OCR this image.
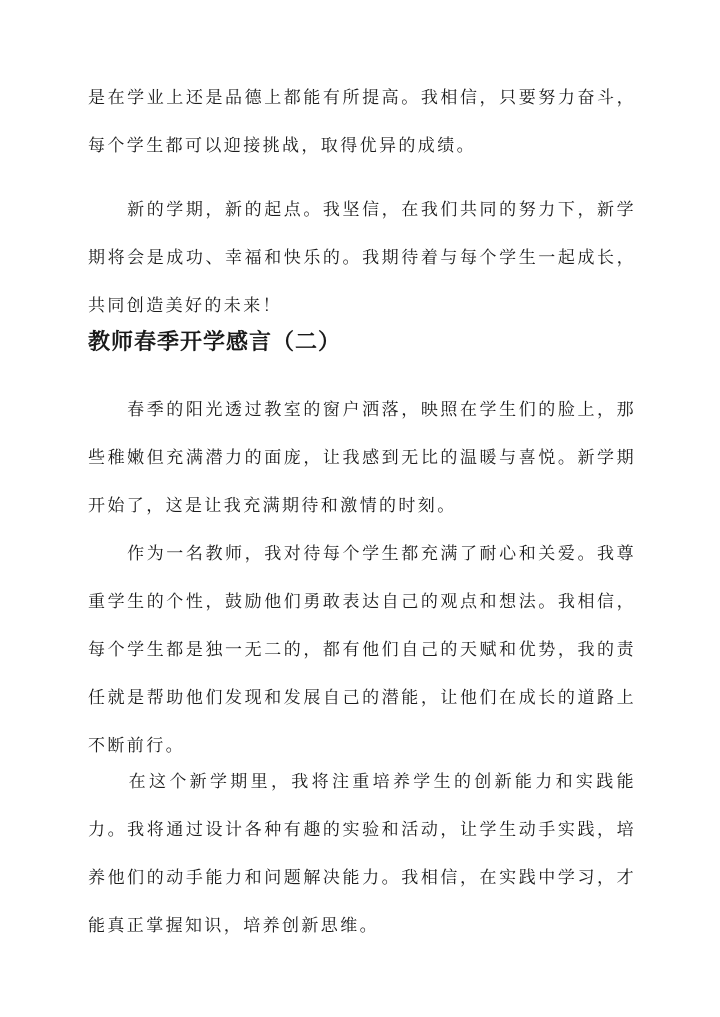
是在学业上还是品德上都能有所提高。我相信，只要努力奋斗，每个学生都可以迎接挑战，取得优异的成绩。

　　新的学期，新的起点。我坚信，在我们共同的努力下，新学期将会是成功、幸福和快乐的。我期待着与每个学生一起成长，共同创造美好的未来！

教师春季开学感言（二）

　　春季的阳光透过教室的窗户洒落，映照在学生们的脸上，那些稚嫩但充满潜力的面庞，让我感到无比的温暖与喜悦。新学期开始了，这是让我充满期待和激情的时刻。

　　作为一名教师，我对待每个学生都充满了耐心和关爱。我尊重学生的个性，鼓励他们勇敢表达自己的观点和想法。我相信，每个学生都是独一无二的，都有他们自己的天赋和优势，我的责任就是帮助他们发现和发展自己的潜能，让他们在成长的道路上不断前行。

　　在这个新学期里，我将注重培养学生的创新能力和实践能力。我将通过设计各种有趣的实验和活动，让学生动手实践，培养他们的动手能力和问题解决能力。我相信，在实践中学习，才能真正掌握知识，培养创新思维。
